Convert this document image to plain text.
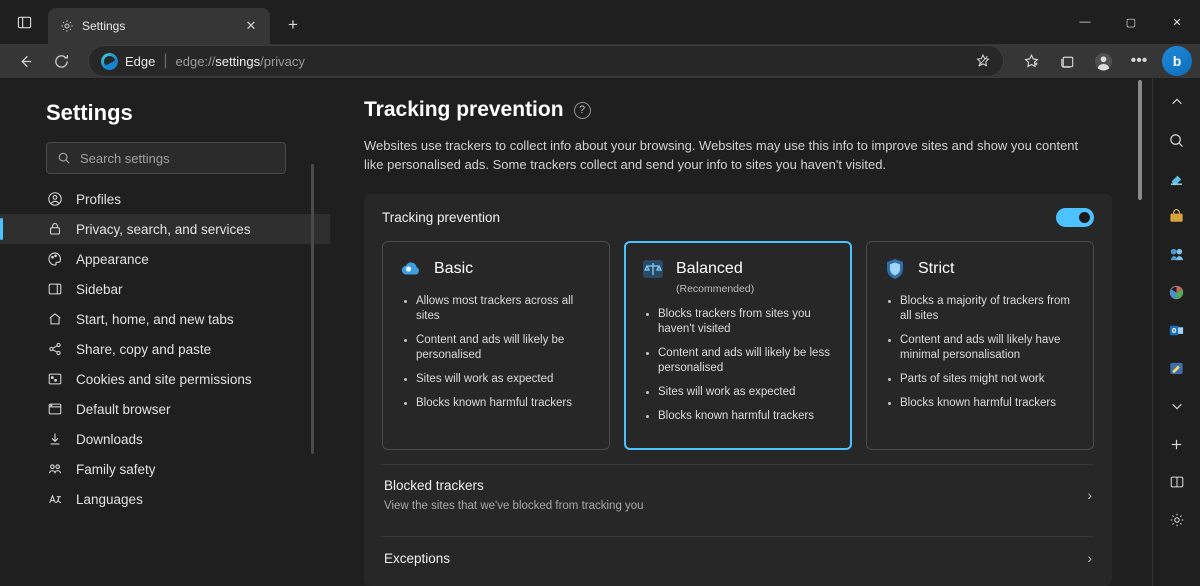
Settings	✕	+	—	▢	✕
Edge | edge://settings/privacy	•••	b
Settings
Search settings
Profiles
Privacy, search, and services
Appearance
Sidebar
Start, home, and new tabs
Share, copy and paste
Cookies and site permissions
Default browser
Downloads
Family safety
Languages
Tracking prevention	?
Websites use trackers to collect info about your browsing. Websites may use this info to improve sites and show you content like personalised ads. Some trackers collect and send your info to sites you haven't visited.
Tracking prevention
Basic
Allows most trackers across all sites
Content and ads will likely be personalised
Sites will work as expected
Blocks known harmful trackers
Balanced
(Recommended)
Blocks trackers from sites you haven't visited
Content and ads will likely be less personalised
Sites will work as expected
Blocks known harmful trackers
Strict
Blocks a majority of trackers from all sites
Content and ads will likely have minimal personalisation
Parts of sites might not work
Blocks known harmful trackers
Blocked trackers
View the sites that we've blocked from tracking you
›
Exceptions	›
